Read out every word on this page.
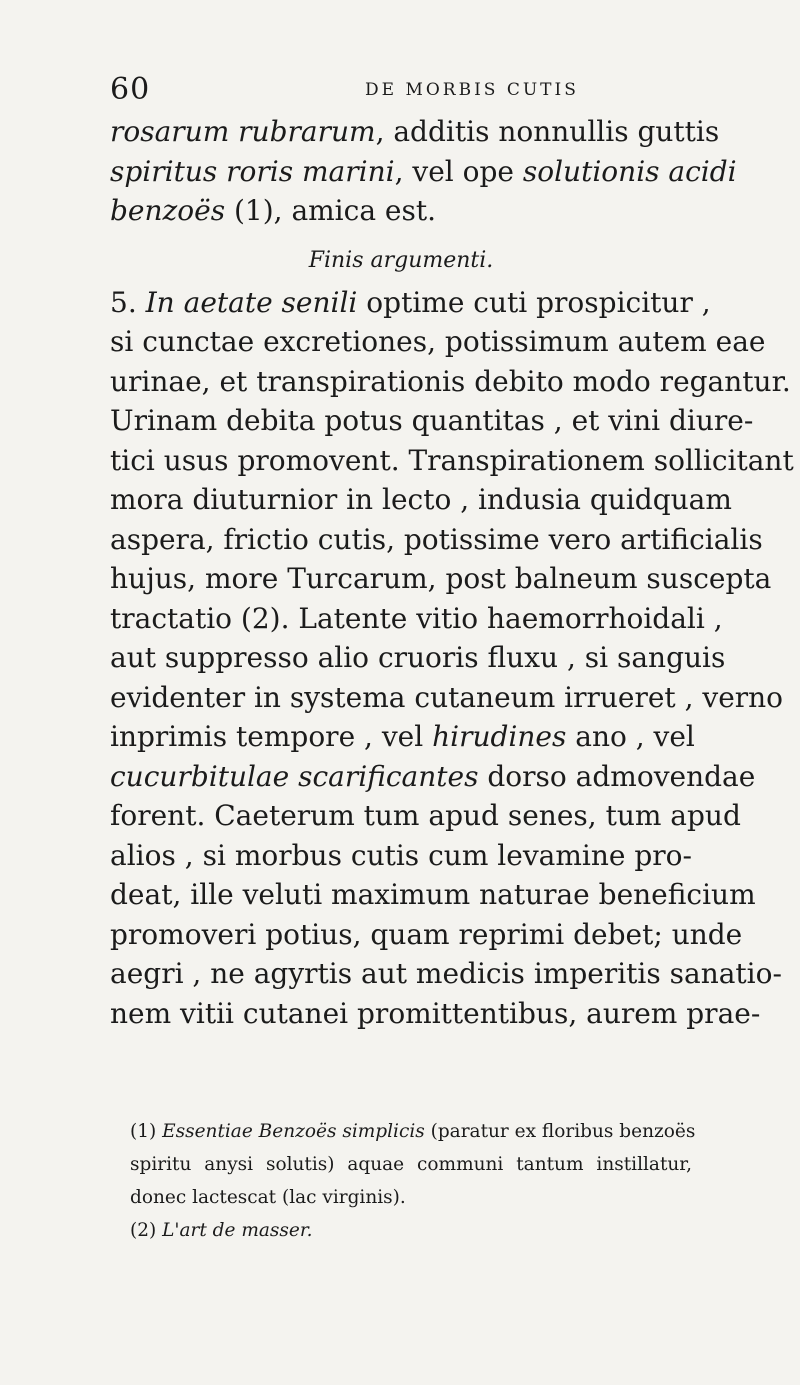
60	DE MORBIS CUTIS
rosarum rubrarum, additis nonnullis guttis
spiritus roris marini, vel ope solutionis acidi
benzoës (1), amica est.
Finis argumenti.
5. In aetate senili optime cuti prospicitur ,
si cunctae excretiones, potissimum autem eae
urinae, et transpirationis debito modo regantur.
Urinam debita potus quantitas , et vini diure-
tici usus promovent. Transpirationem sollicitant
mora diuturnior in lecto , indusia quidquam
aspera, frictio cutis, potissime vero artificialis
hujus, more Turcarum, post balneum suscepta
tractatio (2). Latente vitio haemorrhoidali ,
aut suppresso alio cruoris fluxu , si sanguis
evidenter in systema cutaneum irrueret , verno
inprimis tempore , vel hirudines ano , vel
cucurbitulae scarificantes dorso admovendae
forent. Caeterum tum apud senes, tum apud
alios , si morbus cutis cum levamine pro-
deat, ille veluti maximum naturae beneficium
promoveri potius, quam reprimi debet; unde
aegri , ne agyrtis aut medicis imperitis sanatio-
nem vitii cutanei promittentibus, aurem prae-
(1) Essentiae Benzoës simplicis (paratur ex floribus benzoës
spiritu anysi solutis) aquae communi tantum instillatur,
donec lactescat (lac virginis).
(2) L'art de masser.
